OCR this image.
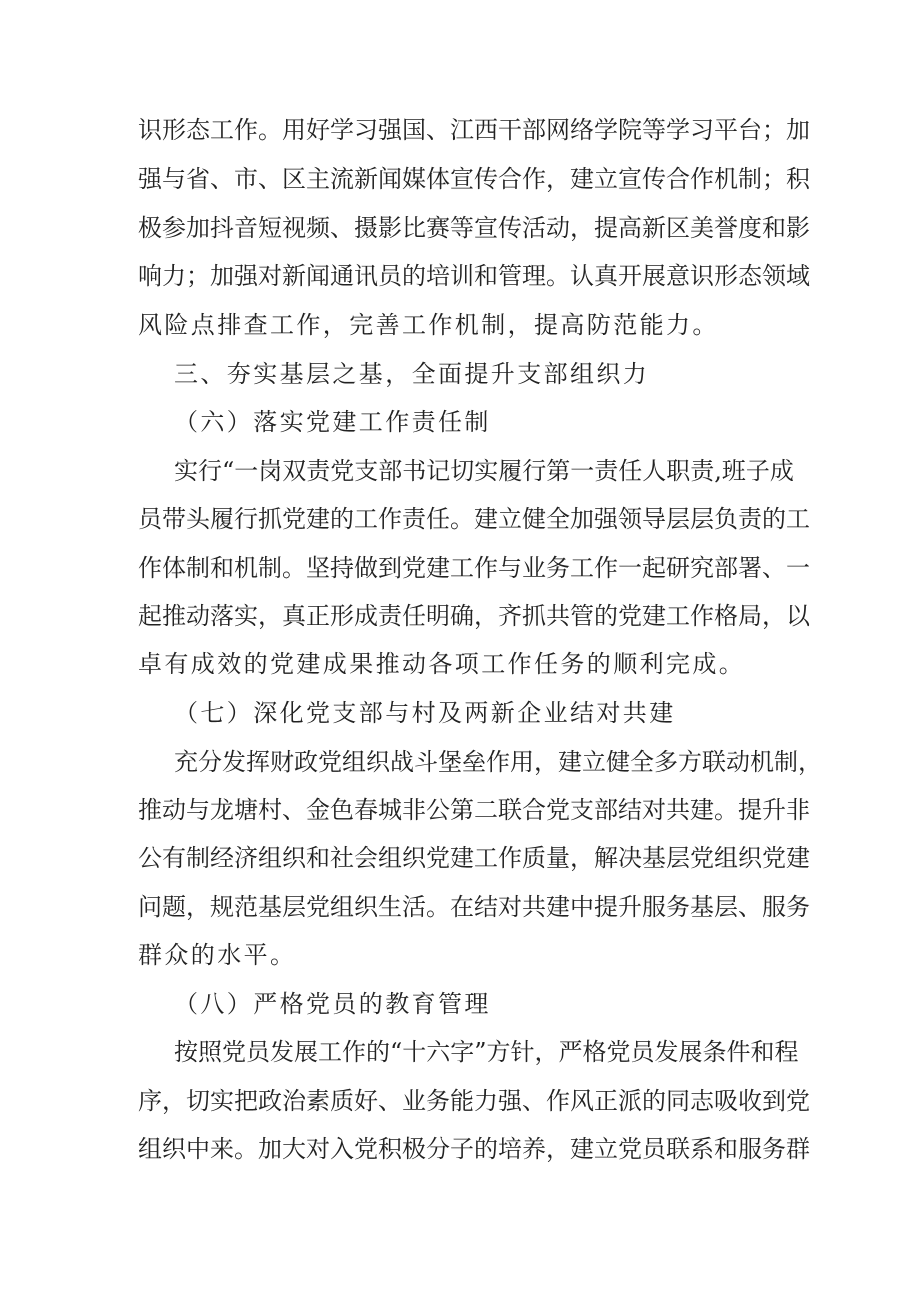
识形态工作。用好学习强国、江西干部网络学院等学习平台；加
强与省、市、区主流新闻媒体宣传合作，建立宣传合作机制；积
极参加抖音短视频、摄影比赛等宣传活动，提高新区美誉度和影
响力；加强对新闻通讯员的培训和管理。认真开展意识形态领域
风险点排查工作，完善工作机制，提高防范能力。
三、夯实基层之基，全面提升支部组织力
（六）落实党建工作责任制
实行“一岗双责党支部书记切实履行第一责任人职责,班子成
员带头履行抓党建的工作责任。建立健全加强领导层层负责的工
作体制和机制。坚持做到党建工作与业务工作一起研究部署、一
起推动落实，真正形成责任明确，齐抓共管的党建工作格局，以
卓有成效的党建成果推动各项工作任务的顺利完成。
（七）深化党支部与村及两新企业结对共建
充分发挥财政党组织战斗堡垒作用，建立健全多方联动机制，
推动与龙塘村、金色春城非公第二联合党支部结对共建。提升非
公有制经济组织和社会组织党建工作质量，解决基层党组织党建
问题，规范基层党组织生活。在结对共建中提升服务基层、服务
群众的水平。
（八）严格党员的教育管理
按照党员发展工作的“十六字”方针，严格党员发展条件和程
序，切实把政治素质好、业务能力强、作风正派的同志吸收到党
组织中来。加大对入党积极分子的培养，建立党员联系和服务群
